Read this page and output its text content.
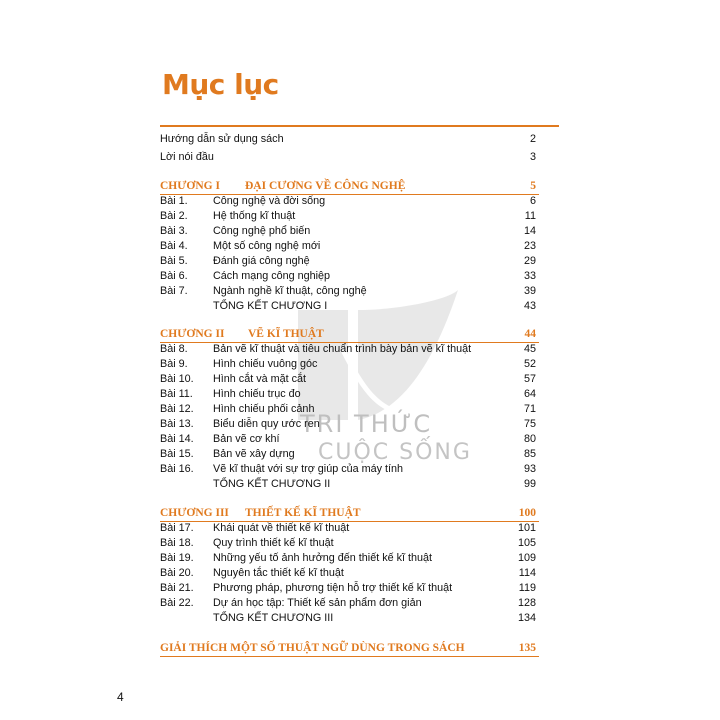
TRI THỨC
CUỘC SỐNG
Mục lục
Hướng dẫn sử dụng sách	2
Lời nói đầu	3
CHƯƠNG I ĐẠI CƯƠNG VỀ CÔNG NGHỆ	5
Bài 1. Công nghệ và đời sống	6
Bài 2. Hệ thống kĩ thuật	11
Bài 3. Công nghệ phổ biến	14
Bài 4. Một số công nghệ mới	23
Bài 5. Đánh giá công nghệ	29
Bài 6. Cách mạng công nghiệp	33
Bài 7. Ngành nghề kĩ thuật, công nghệ	39
TỔNG KẾT CHƯƠNG I	43
CHƯƠNG II VẼ KĨ THUẬT	44
Bài 8. Bản vẽ kĩ thuật và tiêu chuẩn trình bày bản vẽ kĩ thuật	45
Bài 9. Hình chiếu vuông góc	52
Bài 10. Hình cắt và mặt cắt	57
Bài 11. Hình chiếu trục đo	64
Bài 12. Hình chiếu phối cảnh	71
Bài 13. Biểu diễn quy ước ren	75
Bài 14. Bản vẽ cơ khí	80
Bài 15. Bản vẽ xây dựng	85
Bài 16. Vẽ kĩ thuật với sự trợ giúp của máy tính	93
TỔNG KẾT CHƯƠNG II	99
CHƯƠNG III THIẾT KẾ KĨ THUẬT	100
Bài 17. Khái quát về thiết kế kĩ thuật	101
Bài 18. Quy trình thiết kế kĩ thuật	105
Bài 19. Những yếu tố ảnh hưởng đến thiết kế kĩ thuật	109
Bài 20. Nguyên tắc thiết kế kĩ thuật	114
Bài 21. Phương pháp, phương tiện hỗ trợ thiết kế kĩ thuật	119
Bài 22. Dự án học tập: Thiết kế sản phẩm đơn giản	128
TỔNG KẾT CHƯƠNG III	134
GIẢI THÍCH MỘT SỐ THUẬT NGỮ DÙNG TRONG SÁCH	135
4
